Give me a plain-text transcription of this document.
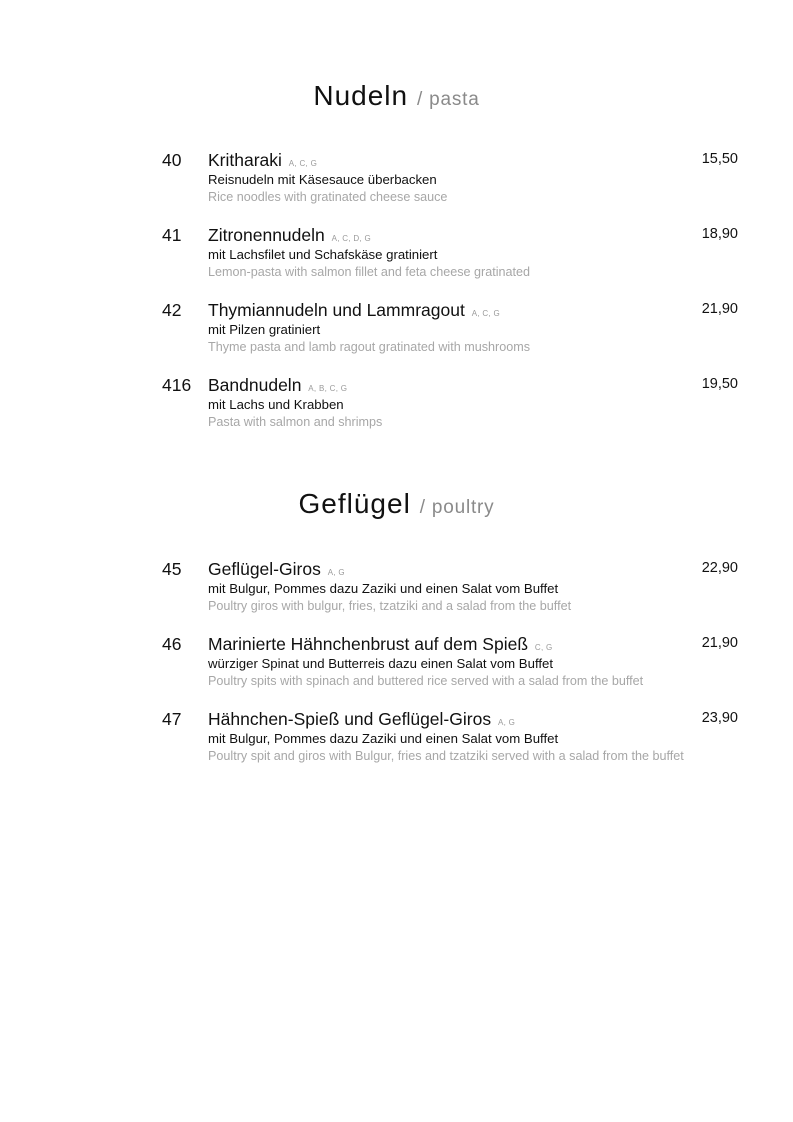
Nudeln / pasta
40 Kritharaki A, C, G	15,50
Reisnudeln mit Käsesauce überbacken
Rice noodles with gratinated cheese sauce
41 Zitronennudeln A, C, D, G	18,90
mit Lachsfilet und Schafskäse gratiniert
Lemon-pasta with salmon fillet and feta cheese gratinated
42 Thymiannudeln und Lammragout A, C, G	21,90
mit Pilzen gratiniert
Thyme pasta and lamb ragout gratinated with mushrooms
416 Bandnudeln A, B, C, G	19,50
mit Lachs und Krabben
Pasta with salmon and shrimps
Geflügel / poultry
45 Geflügel-Giros A, G	22,90
mit Bulgur, Pommes dazu Zaziki und einen Salat vom Buffet
Poultry giros with bulgur, fries, tzatziki and a salad from the buffet
46 Marinierte Hähnchenbrust auf dem Spieß C, G	21,90
würziger Spinat und Butterreis dazu einen Salat vom Buffet
Poultry spits with spinach and buttered rice served with a salad from the buffet
47 Hähnchen-Spieß und Geflügel-Giros A, G	23,90
mit Bulgur, Pommes dazu Zaziki und einen Salat vom Buffet
Poultry spit and giros with Bulgur, fries and tzatziki served with a salad from the buffet
